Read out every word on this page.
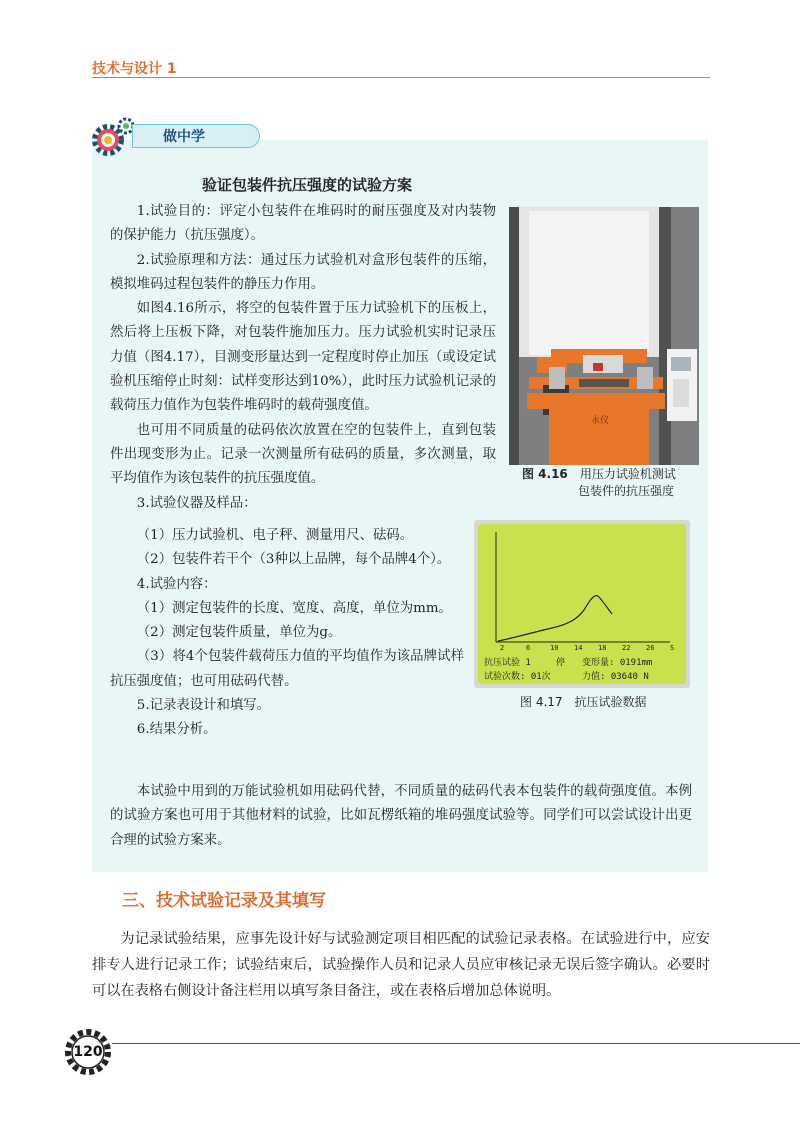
技术与设计 1
做中学
验证包装件抗压强度的试验方案

1.试验目的：评定小包装件在堆码时的耐压强度及对内装物的保护能力（抗压强度）。

2.试验原理和方法：通过压力试验机对盒形包装件的压缩，模拟堆码过程包装件的静压力作用。

如图4.16所示，将空的包装件置于压力试验机下的压板上，然后将上压板下降，对包装件施加压力。压力试验机实时记录压力值（图4.17），目测变形量达到一定程度时停止加压（或设定试验机压缩停止时刻：试样变形达到10%），此时压力试验机记录的载荷压力值作为包装件堆码时的载荷强度值。

也可用不同质量的砝码依次放置在空的包装件上，直到包装件出现变形为止。记录一次测量所有砝码的质量，多次测量，取平均值作为该包装件的抗压强度值。

3.试验仪器及样品：

（1）压力试验机、电子秤、测量用尺、砝码。

（2）包装件若干个（3种以上品牌，每个品牌4个）。

4.试验内容：

（1）测定包装件的长度、宽度、高度，单位为mm。

（2）测定包装件质量，单位为g。

（3）将4个包装件载荷压力值的平均值作为该品牌试样抗压强度值；也可用砝码代替。

5.记录表设计和填写。

6.结果分析。

本试验中用到的万能试验机如用砝码代替，不同质量的砝码代表本包装件的载荷强度值。本例的试验方案也可用于其他材料的试验，比如瓦楞纸箱的堆码强度试验等。同学们可以尝试设计出更合理的试验方案来。

永仪
图 4.16　 用压力试验机测试
包装件的抗压强度
2	6	10 14 18 22 26 S
抗压试验 1	停 变形量: 0191mm
试验次数: 01次	力值: 03640 N
图 4.17　抗压试验数据
三、技术试验记录及其填写

为记录试验结果，应事先设计好与试验测定项目相匹配的试验记录表格。在试验进行中，应安排专人进行记录工作；试验结束后，试验操作人员和记录人员应审核记录无误后签字确认。必要时可以在表格右侧设计备注栏用以填写条目备注，或在表格后增加总体说明。

120
